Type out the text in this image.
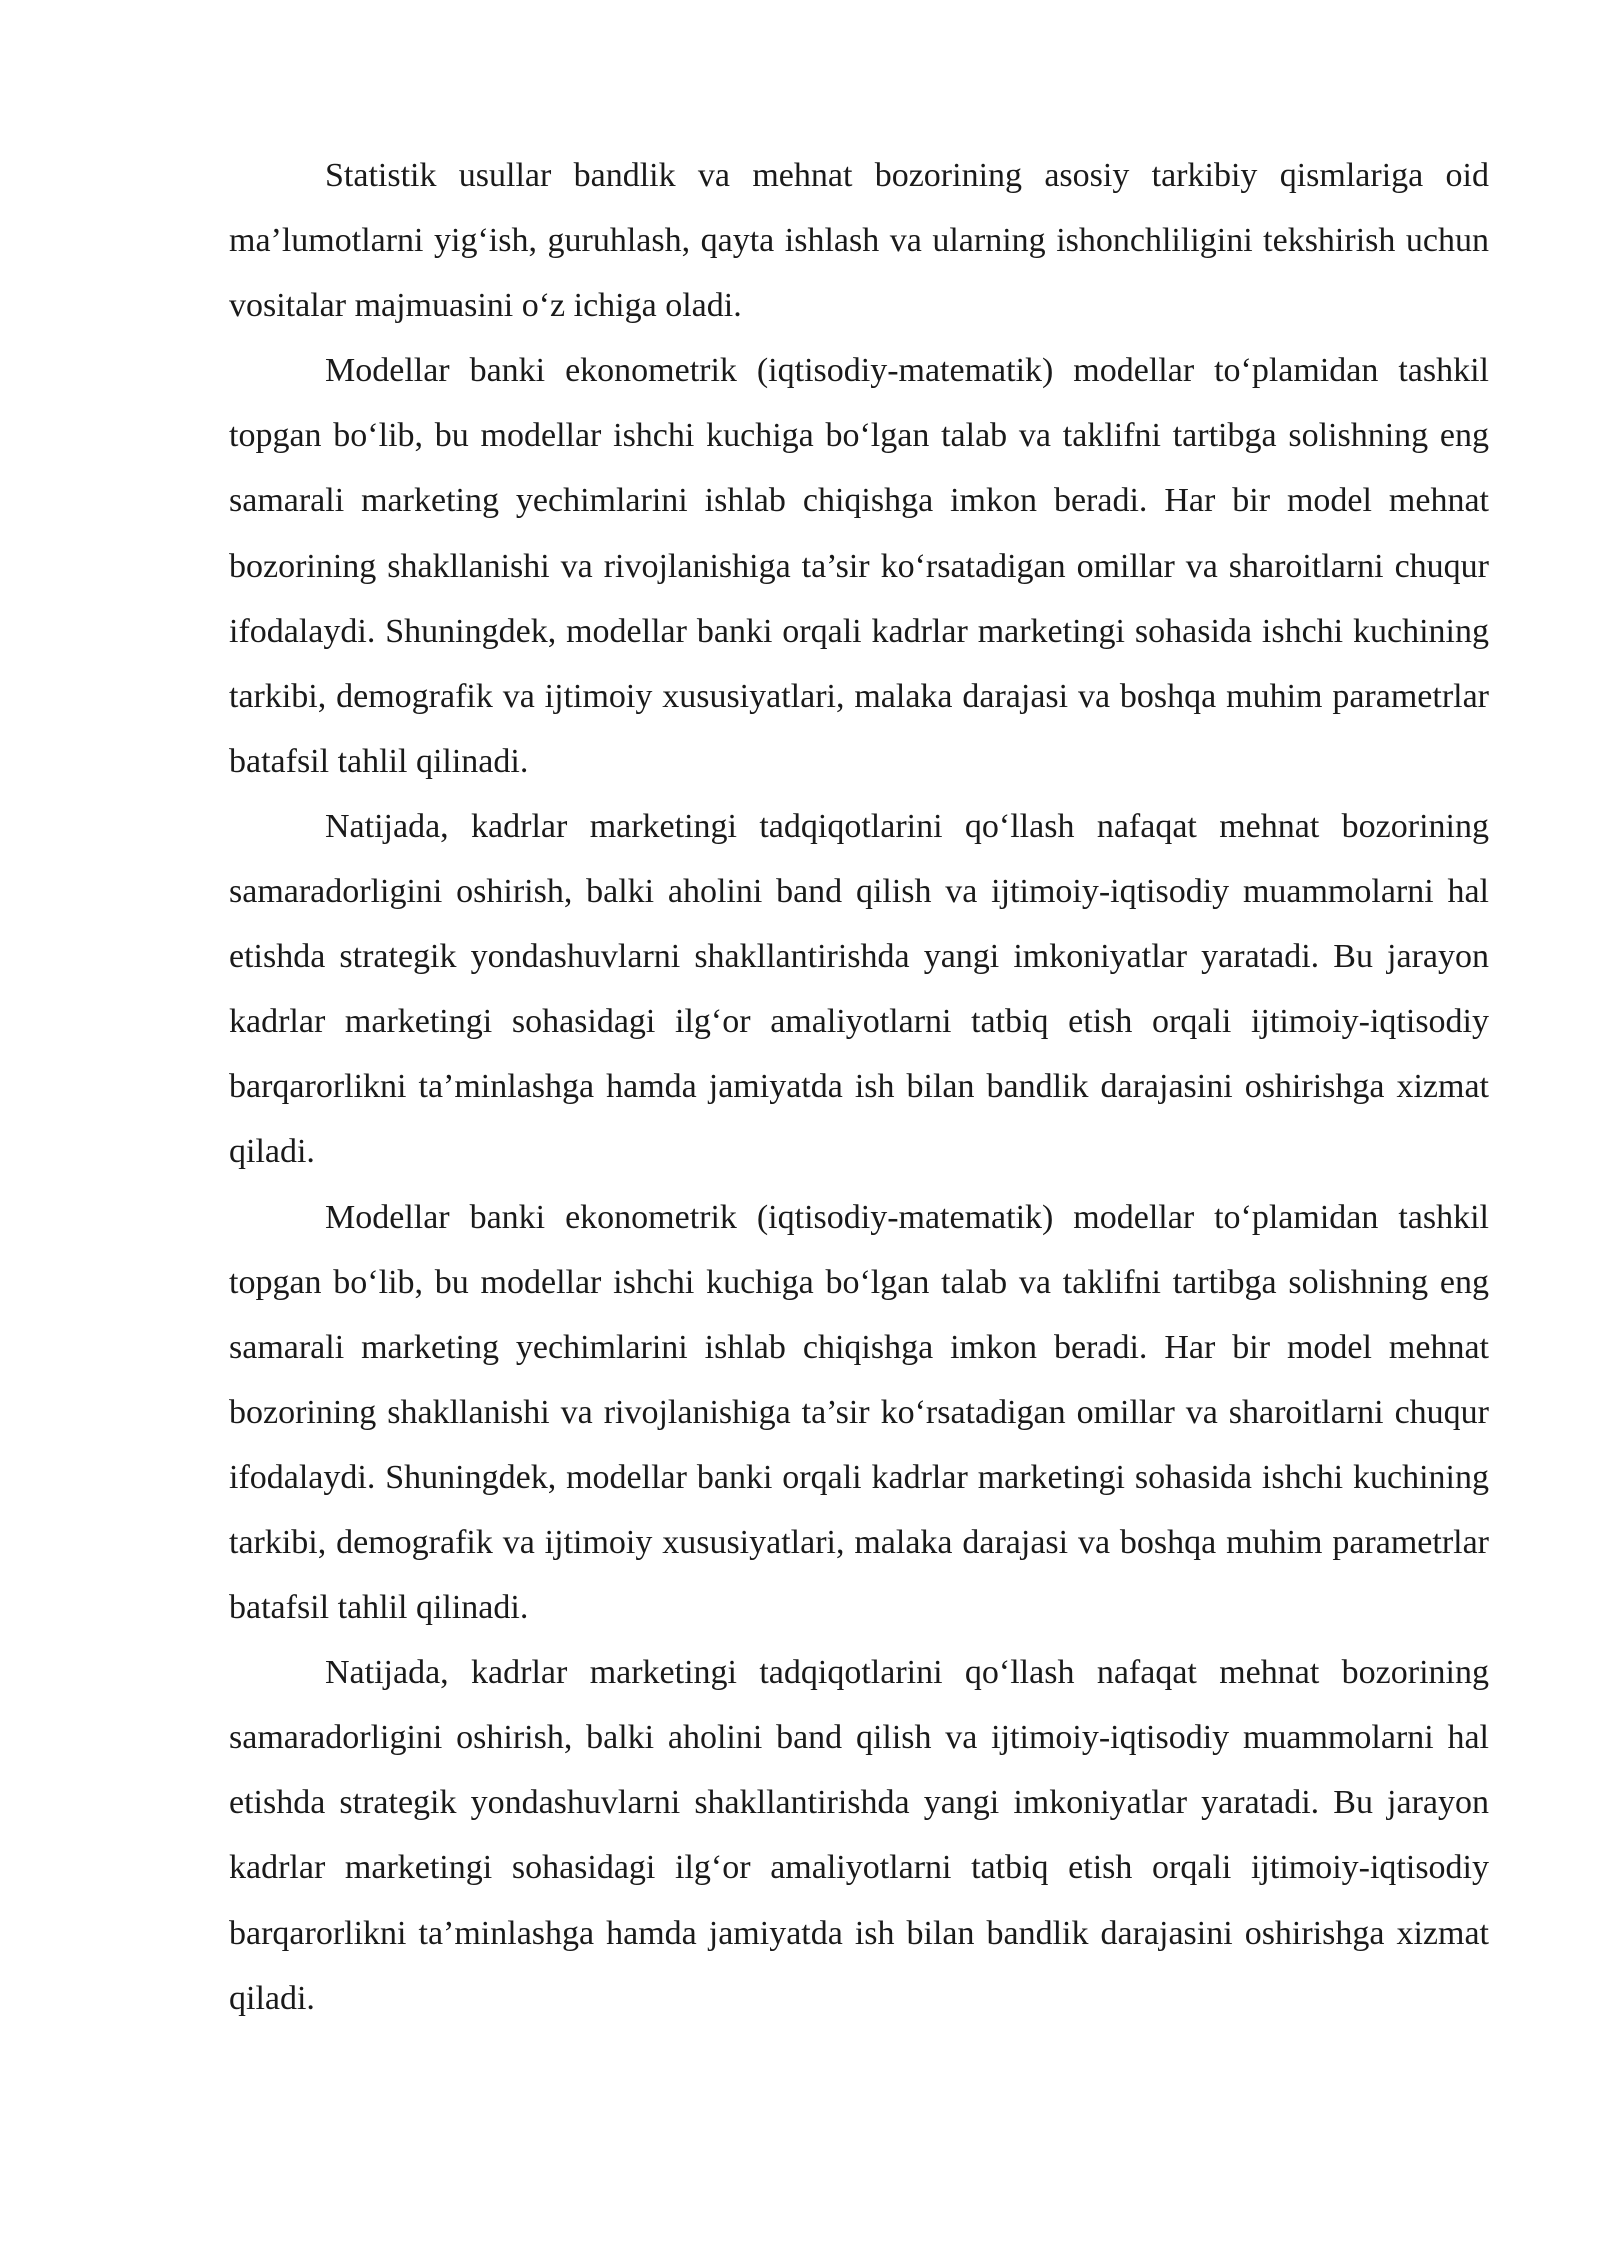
Statistik usullar bandlik va mehnat bozorining asosiy tarkibiy qismlariga oid ma’lumotlarni yig‘ish, guruhlash, qayta ishlash va ularning ishonchliligini tekshirish uchun vositalar majmuasini o‘z ichiga oladi.

Modellar banki ekonometrik (iqtisodiy-matematik) modellar to‘plamidan tashkil topgan bo‘lib, bu modellar ishchi kuchiga bo‘lgan talab va taklifni tartibga solishning eng samarali marketing yechimlarini ishlab chiqishga imkon beradi. Har bir model mehnat bozorining shakllanishi va rivojlanishiga ta’sir ko‘rsatadigan omillar va sharoitlarni chuqur ifodalaydi. Shuningdek, modellar banki orqali kadrlar marketingi sohasida ishchi kuchining tarkibi, demografik va ijtimoiy xususiyatlari, malaka darajasi va boshqa muhim parametrlar batafsil tahlil qilinadi.

Natijada, kadrlar marketingi tadqiqotlarini qo‘llash nafaqat mehnat bozorining samaradorligini oshirish, balki aholini band qilish va ijtimoiy-iqtisodiy muammolarni hal etishda strategik yondashuvlarni shakllantirishda yangi imkoniyatlar yaratadi. Bu jarayon kadrlar marketingi sohasidagi ilg‘or amaliyotlarni tatbiq etish orqali ijtimoiy-iqtisodiy barqarorlikni ta’minlashga hamda jamiyatda ish bilan bandlik darajasini oshirishga xizmat qiladi.

Modellar banki ekonometrik (iqtisodiy-matematik) modellar to‘plamidan tashkil topgan bo‘lib, bu modellar ishchi kuchiga bo‘lgan talab va taklifni tartibga solishning eng samarali marketing yechimlarini ishlab chiqishga imkon beradi. Har bir model mehnat bozorining shakllanishi va rivojlanishiga ta’sir ko‘rsatadigan omillar va sharoitlarni chuqur ifodalaydi. Shuningdek, modellar banki orqali kadrlar marketingi sohasida ishchi kuchining tarkibi, demografik va ijtimoiy xususiyatlari, malaka darajasi va boshqa muhim parametrlar batafsil tahlil qilinadi.

Natijada, kadrlar marketingi tadqiqotlarini qo‘llash nafaqat mehnat bozorining samaradorligini oshirish, balki aholini band qilish va ijtimoiy-iqtisodiy muammolarni hal etishda strategik yondashuvlarni shakllantirishda yangi imkoniyatlar yaratadi. Bu jarayon kadrlar marketingi sohasidagi ilg‘or amaliyotlarni tatbiq etish orqali ijtimoiy-iqtisodiy barqarorlikni ta’minlashga hamda jamiyatda ish bilan bandlik darajasini oshirishga xizmat qiladi.
